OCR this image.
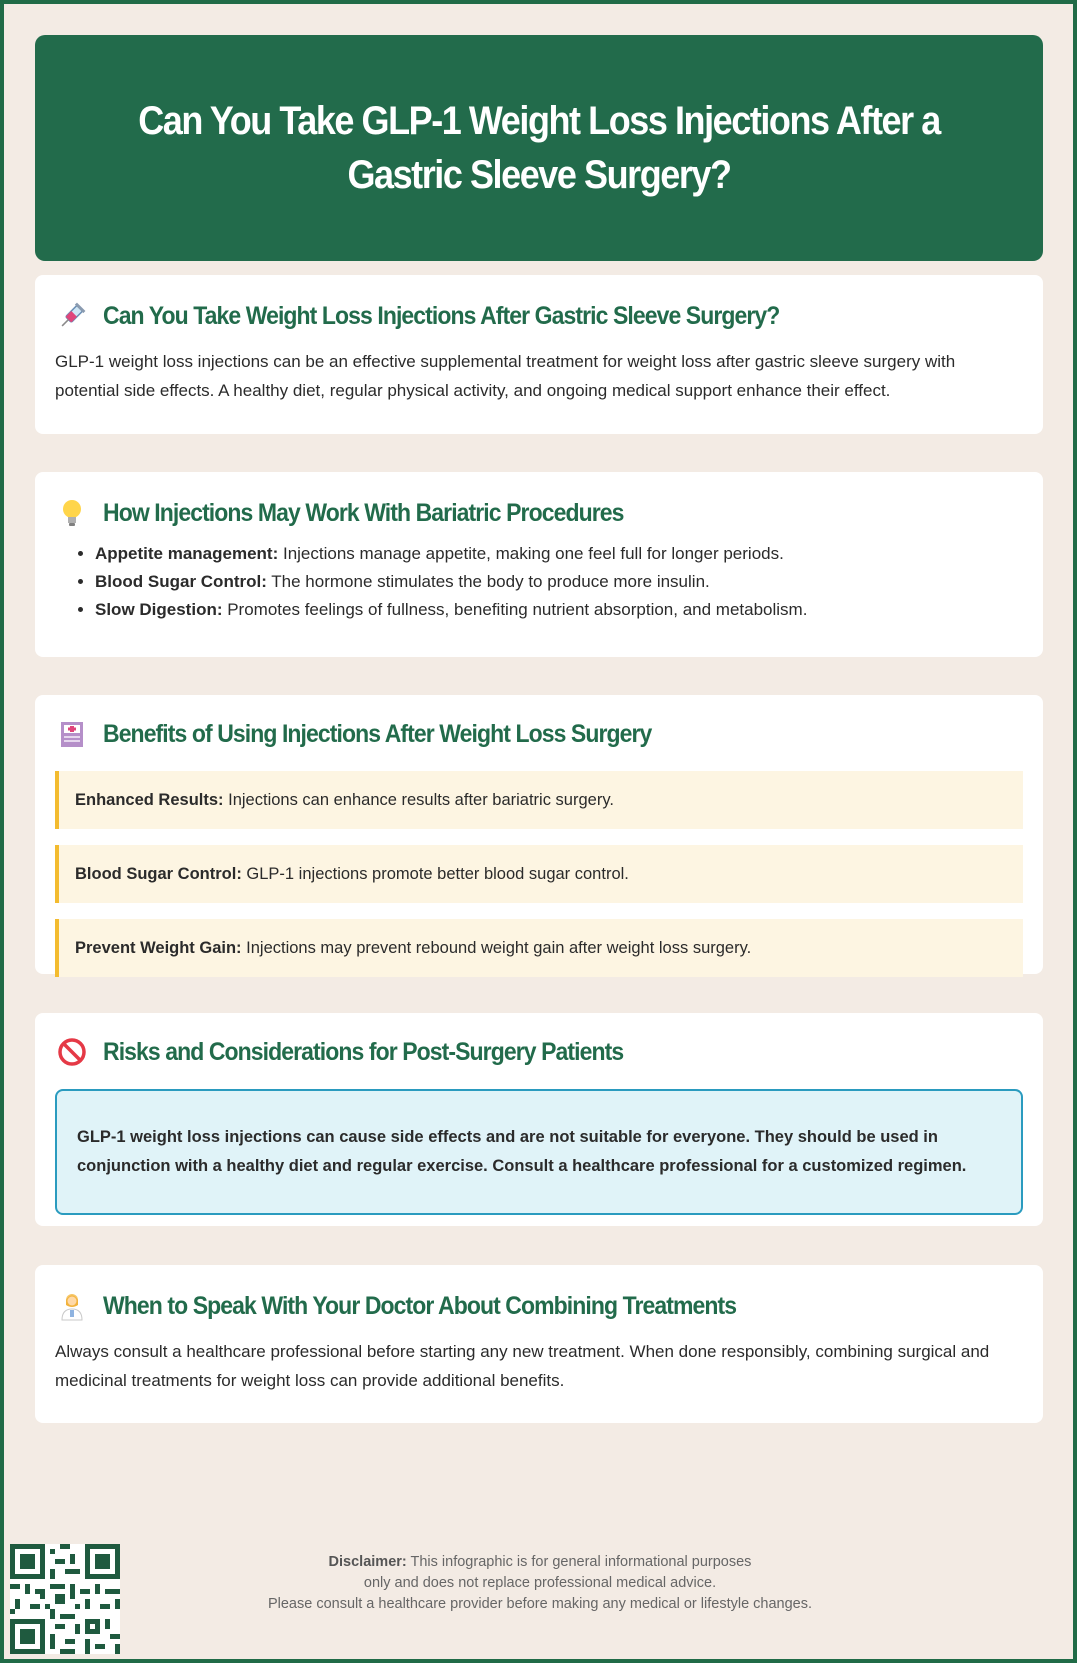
Can You Take GLP-1 Weight Loss Injections After a Gastric Sleeve Surgery?
Can You Take Weight Loss Injections After Gastric Sleeve Surgery?

GLP-1 weight loss injections can be an effective supplemental treatment for weight loss after gastric sleeve surgery with potential side effects. A healthy diet, regular physical activity, and ongoing medical support enhance their effect.

How Injections May Work With Bariatric Procedures
• Appetite management: Injections manage appetite, making one feel full for longer periods.
• Blood Sugar Control: The hormone stimulates the body to produce more insulin.
• Slow Digestion: Promotes feelings of fullness, benefiting nutrient absorption, and metabolism.
Benefits of Using Injections After Weight Loss Surgery
Enhanced Results: Injections can enhance results after bariatric surgery.
Blood Sugar Control: GLP-1 injections promote better blood sugar control.
Prevent Weight Gain: Injections may prevent rebound weight gain after weight loss surgery.
Risks and Considerations for Post-Surgery Patients
GLP-1 weight loss injections can cause side effects and are not suitable for everyone. They should be used in conjunction with a healthy diet and regular exercise. Consult a healthcare professional for a customized regimen.
When to Speak With Your Doctor About Combining Treatments

Always consult a healthcare professional before starting any new treatment. When done responsibly, combining surgical and medicinal treatments for weight loss can provide additional benefits.

Disclaimer: This infographic is for general informational purposes
only and does not replace professional medical advice.
Please consult a healthcare provider before making any medical or lifestyle changes.
